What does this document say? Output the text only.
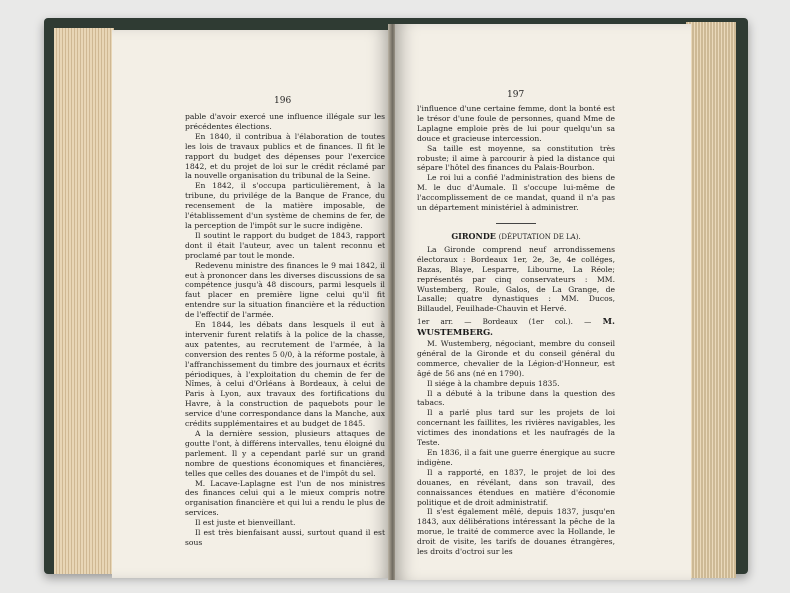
196

pable d'avoir exercé une influence illégale sur les précédentes élections.

En 1840, il contribua à l'élaboration de toutes les lois de travaux publics et de finances. Il fit le rapport du budget des dépenses pour l'exercice 1842, et du projet de loi sur le crédit réclamé par la nouvelle organisation du tribunal de la Seine.

En 1842, il s'occupa particulièrement, à la tribune, du privilége de la Banque de France, du recensement de la matière imposable, de l'établissement d'un système de chemins de fer, de la perception de l'impôt sur le sucre indigène.

Il soutint le rapport du budget de 1843, rapport dont il était l'auteur, avec un talent reconnu et proclamé par tout le monde.

Redevenu ministre des finances le 9 mai 1842, il eut à prononcer dans les diverses discussions de sa compétence jusqu'à 48 discours, parmi lesquels il faut placer en première ligne celui qu'il fit entendre sur la situation financière et la réduction de l'effectif de l'armée.

En 1844, les débats dans lesquels il eut à intervenir furent relatifs à la police de la chasse, aux patentes, au recrutement de l'armée, à la conversion des rentes 5 0/0, à la réforme postale, à l'affranchissement du timbre des journaux et écrits périodiques, à l'exploitation du chemin de fer de Nîmes, à celui d'Orléans à Bordeaux, à celui de Paris à Lyon, aux travaux des fortifications du Havre, à la construction de paquebots pour le service d'une correspondance dans la Manche, aux crédits supplémentaires et au budget de 1845.

A la dernière session, plusieurs attaques de goutte l'ont, à différens intervalles, tenu éloigné du parlement. Il y a cependant parlé sur un grand nombre de questions économiques et financières, telles que celles des douanes et de l'impôt du sel.

M. Lacave-Laplagne est l'un de nos ministres des finances celui qui a le mieux compris notre organisation financière et qui lui a rendu le plus de services.

Il est juste et bienveillant.

Il est très bienfaisant aussi, surtout quand il est sous

197

l'influence d'une certaine femme, dont la bonté est le trésor d'une foule de personnes, quand Mme de Laplagne emploie près de lui pour quelqu'un sa douce et gracieuse intercession.

Sa taille est moyenne, sa constitution très robuste; il aime à parcourir à pied la distance qui sépare l'hôtel des finances du Palais-Bourbon.

Le roi lui a confié l'administration des biens de M. le duc d'Aumale. Il s'occupe lui-même de l'accomplissement de ce mandat, quand il n'a pas un département ministériel à administrer.

GIRONDE (DÉPUTATION DE LA).

La Gironde comprend neuf arrondissemens électoraux : Bordeaux 1er, 2e, 3e, 4e colléges, Bazas, Blaye, Lesparre, Libourne, La Réole; représentés par cinq conservateurs : MM. Wustemberg, Roule, Galos, de La Grange, de Lasalle; quatre dynastiques : MM. Ducos, Billaudel, Feuilhade-Chauvin et Hervé.

1er arr. — Bordeaux (1er col.). — M. WUSTEMBERG.

M. Wustemberg, négociant, membre du conseil général de la Gironde et du conseil général du commerce, chevalier de la Légion-d'Honneur, est âgé de 56 ans (né en 1790).

Il siége à la chambre depuis 1835.

Il a débuté à la tribune dans la question des tabacs.

Il a parlé plus tard sur les projets de loi concernant les faillites, les rivières navigables, les victimes des inondations et les naufragés de la Teste.

En 1836, il a fait une guerre énergique au sucre indigène.

Il a rapporté, en 1837, le projet de loi des douanes, en révélant, dans son travail, des connaissances étendues en matière d'économie politique et de droit administratif.

Il s'est également mêlé, depuis 1837, jusqu'en 1843, aux délibérations intéressant la pêche de la morue, le traité de commerce avec la Hollande, le droit de visite, les tarifs de douanes étrangères, les droits d'octroi sur les
